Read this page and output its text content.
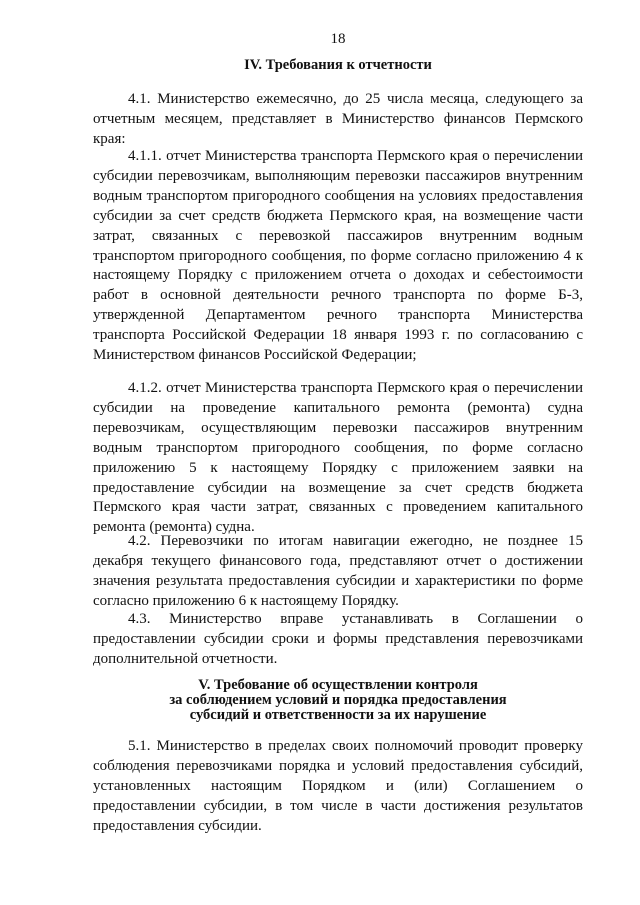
18
IV. Требования к отчетности

4.1. Министерство ежемесячно, до 25 числа месяца, следующего за отчетным месяцем, представляет в Министерство финансов Пермского края:

4.1.1. отчет Министерства транспорта Пермского края о перечислении субсидии перевозчикам, выполняющим перевозки пассажиров внутренним водным транспортом пригородного сообщения на условиях предоставления субсидии за счет средств бюджета Пермского края, на возмещение части затрат, связанных с перевозкой пассажиров внутренним водным транспортом пригородного сообщения, по форме согласно приложению 4 к настоящему Порядку с приложением отчета о доходах и себестоимости работ в основной деятельности речного транспорта по форме Б-3, утвержденной Департаментом речного транспорта Министерства транспорта Российской Федерации 18 января 1993 г. по согласованию с Министерством финансов Российской Федерации;

4.1.2. отчет Министерства транспорта Пермского края о перечислении субсидии на проведение капитального ремонта (ремонта) судна перевозчикам, осуществляющим перевозки пассажиров внутренним водным транспортом пригородного сообщения, по форме согласно приложению 5 к настоящему Порядку с приложением заявки на предоставление субсидии на возмещение за счет средств бюджета Пермского края части затрат, связанных с проведением капитального ремонта (ремонта) судна.

4.2. Перевозчики по итогам навигации ежегодно, не позднее 15 декабря текущего финансового года, представляют отчет о достижении значения результата предоставления субсидии и характеристики по форме согласно приложению 6 к настоящему Порядку.

4.3. Министерство вправе устанавливать в Соглашении о предоставлении субсидии сроки и формы представления перевозчиками дополнительной отчетности.

V. Требование об осуществлении контроля
за соблюдением условий и порядка предоставления
субсидий и ответственности за их нарушение

5.1. Министерство в пределах своих полномочий проводит проверку соблюдения перевозчиками порядка и условий предоставления субсидий, установленных настоящим Порядком и (или) Соглашением о предоставлении субсидии, в том числе в части достижения результатов предоставления субсидии.
